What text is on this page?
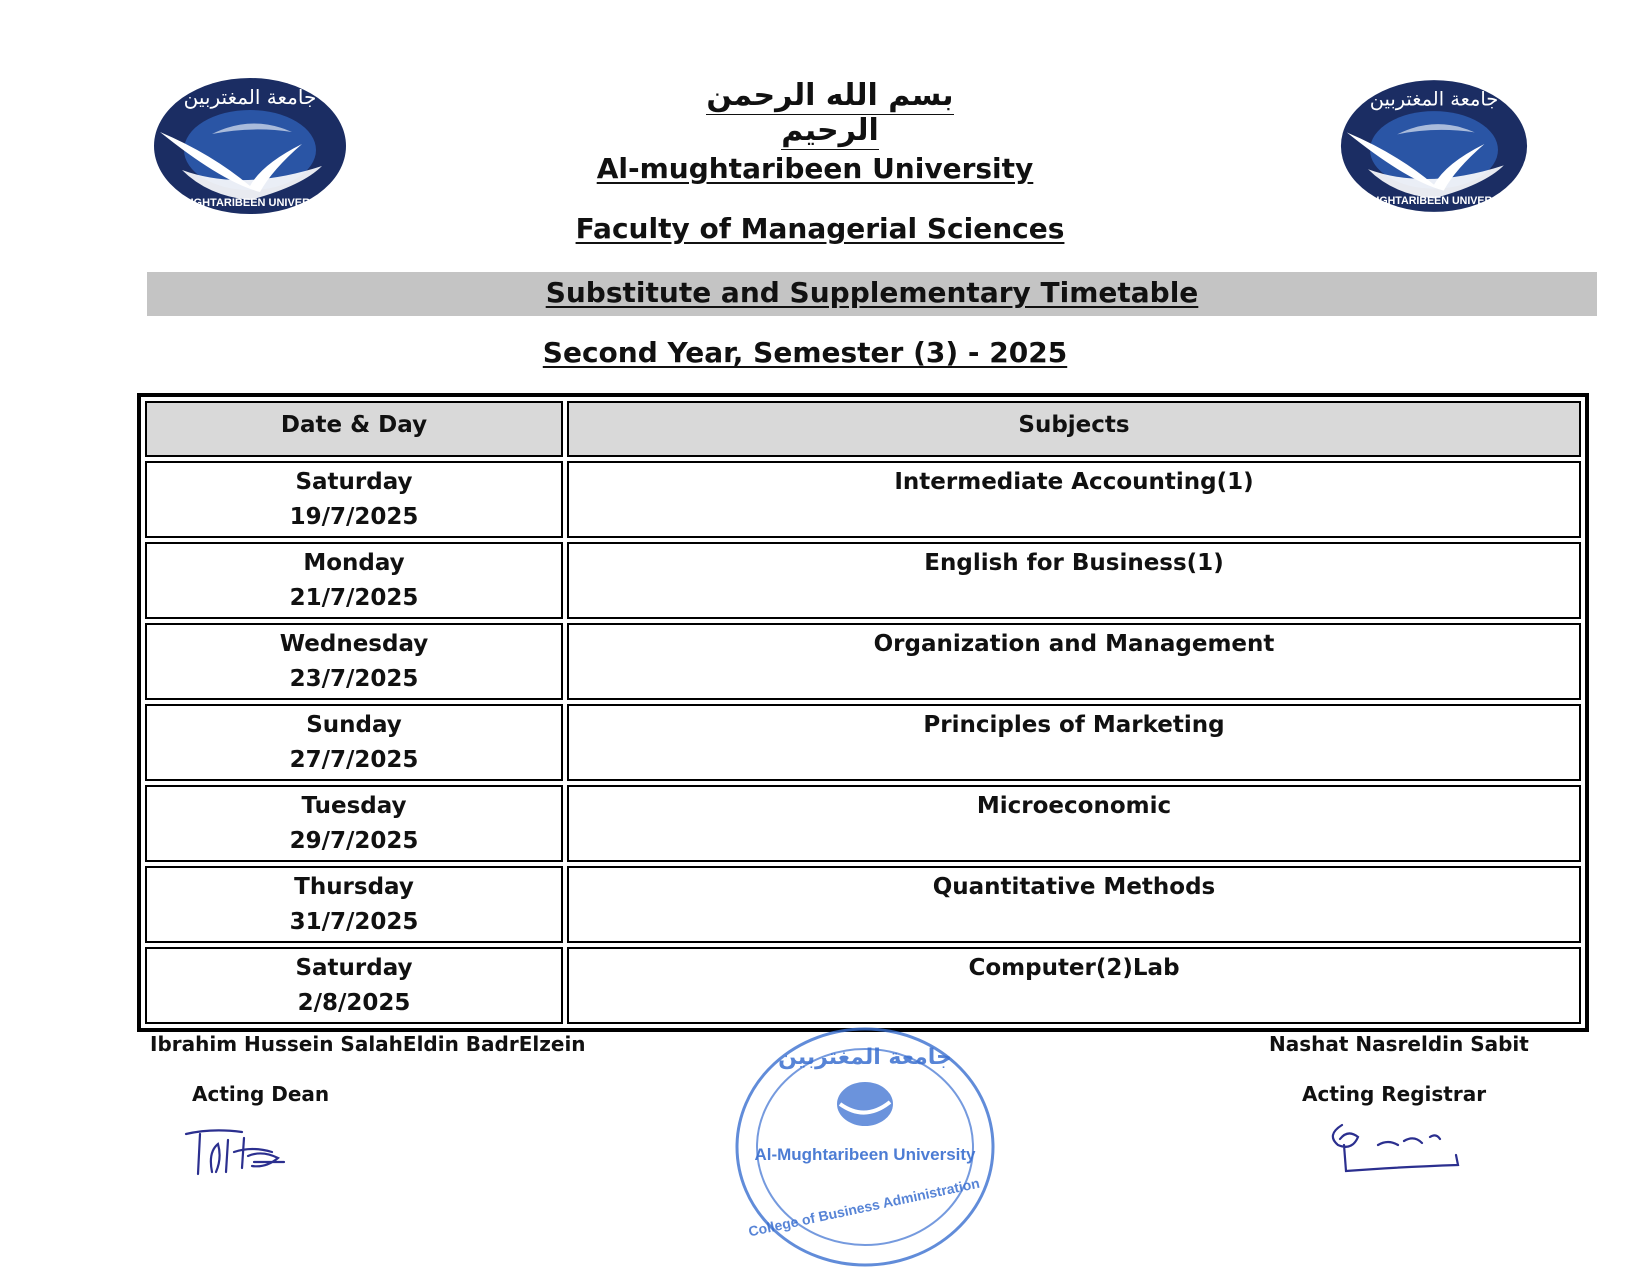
جامعة المغتربين
AlMUGHTARIBEEN UNIVERSITY
جامعة المغتربين
AlMUGHTARIBEEN UNIVERSITY
بسم الله الرحمن الرحيم
Al-mughtaribeen University
Faculty of Managerial Sciences
Substitute and Supplementary Timetable
Second Year, Semester (3) - 2025
Date & Day	Subjects

Saturday
19/7/2025	Intermediate Accounting(1)

Monday
21/7/2025	English for Business(1)

Wednesday
23/7/2025	Organization and Management

Sunday
27/7/2025	Principles of Marketing

Tuesday
29/7/2025	Microeconomic

Thursday
31/7/2025	Quantitative Methods

Saturday
2/8/2025	Computer(2)Lab
Ibrahim Hussein SalahEldin BadrElzein
Acting Dean
Nashat Nasreldin Sabit
Acting Registrar
جامعة المغتربين
Al-Mughtaribeen University
College of Business Administration
